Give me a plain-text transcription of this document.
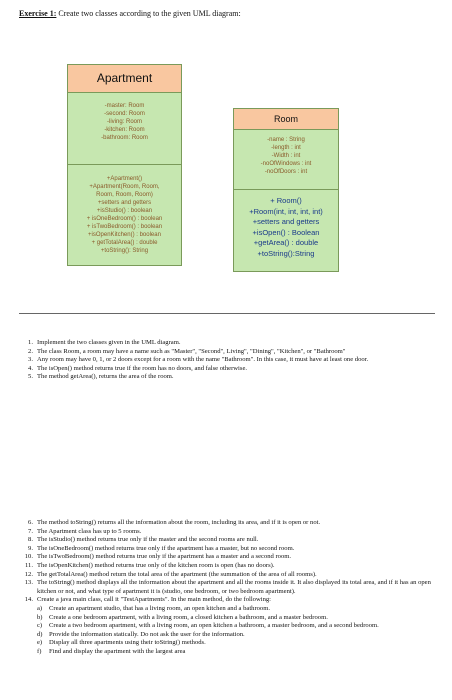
Exercise 1: Create two classes according to the given UML diagram:
Apartment
-master: Room
-second: Room
-living: Room
-kitchen: Room
-bathroom: Room
+Apartment()
+Apartment(Room, Room,
Room, Room, Room)
+setters and getters
+isStudio() : boolean
+ isOneBedroom() : boolean
+ isTwoBedroom() : boolean
+isOpenKitchen() : boolean
+ getTotalArea() : double
+toString(): String
Room
-name : String
-length : int
-Width : int
-noOfWindows : int
-noOfDoors : int
+ Room()
+Room(int, int, int, int)
+setters and getters
+isOpen() : Boolean
+getArea() : double
+toString():String
1. Implement the two classes given in the UML diagram.
2. The class Room, a room may have a name such as "Master", "Second", Living", "Dining", "Kitchen", or "Bathroom"
3. Any room may have 0, 1, or 2 doors except for a room with the name "Bathroom". In this case, it must have at least one door.
4. The isOpen() method returns true if the room has no doors, and false otherwise.
5. The method getArea(), returns the area of the room.
6. The method toString() returns all the information about the room, including its area, and if it is open or not.
7. The Apartment class has up to 5 rooms.
8. The isStudio() method returns true only if the master and the second rooms are null.
9. The isOneBedroom() method returns true only if the apartment has a master, but no second room.
10. The isTwoBedroom() method returns true only if the apartment has a master and a second room.
11. The isOpenKitchen() method returns true only of the kitchen room is open (has no doors).
12. The getTotalArea() method return the total area of the apartment (the summation of the area of all rooms).
13. The toString() method displays all the information about the apartment and all the rooms inside it. It also displayed its total area, and if it has an open kitchen or not, and what type of apartment it is (studio, one bedroom, or two bedroom apartment).
14. Create a java main class, call it "TestApartments". In the main method, do the following:
a)	Create an apartment studio, that has a living room, an open kitchen and a bathroom.
b) Create a one bedroom apartment, with a living room, a closed kitchen a bathroom, and a master bedroom.
c)	Create a two bedroom apartment, with a living room, an open kitchen a bathroom, a master bedroom, and a second bedroom.
d) Provide the information statically. Do not ask the user for the information.
e)	Display all three apartments using their toString() methods.
f)	Find and display the apartment with the largest area
